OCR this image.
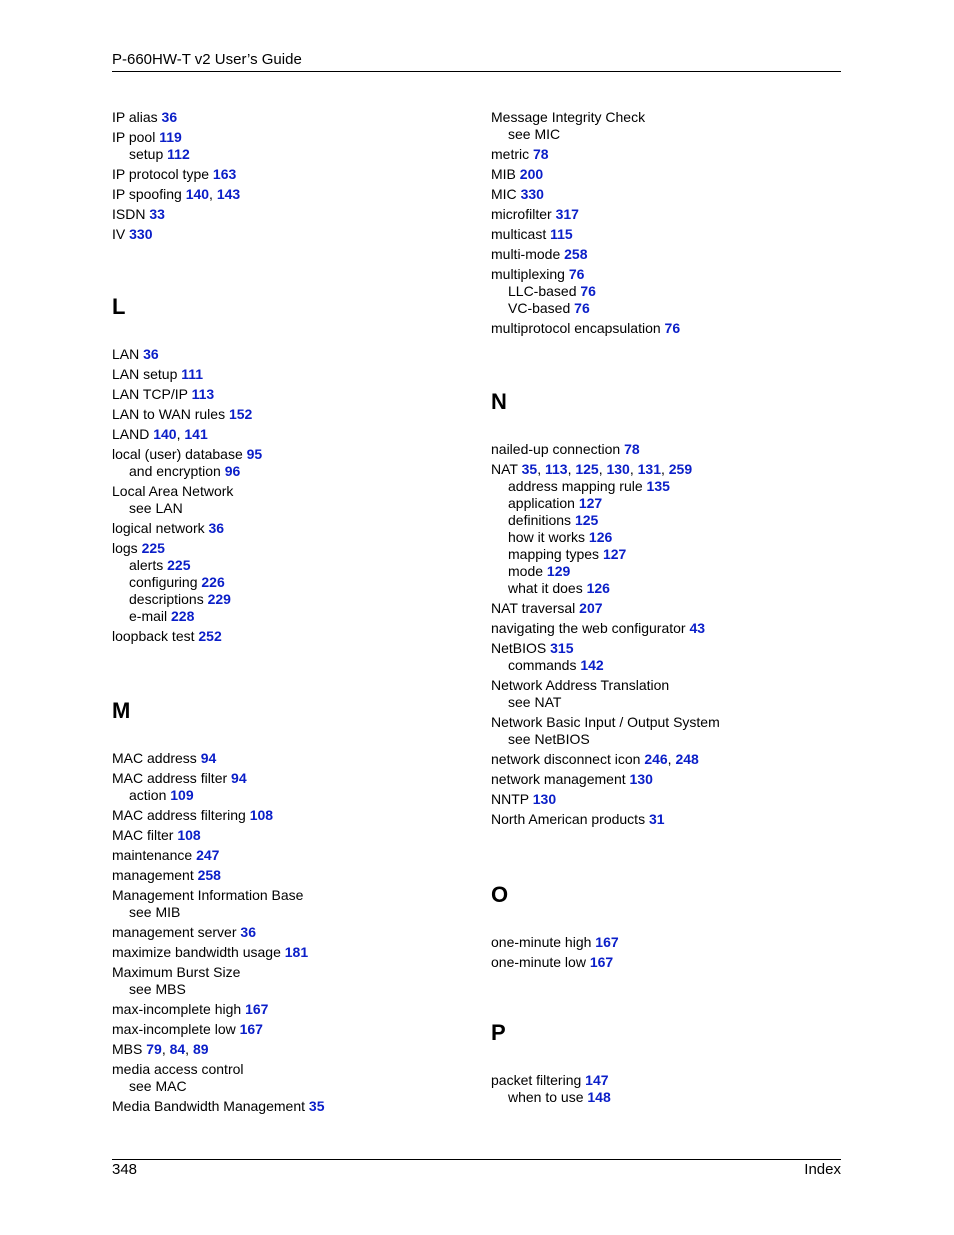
P-660HW-T v2 User’s Guide
IP alias 36
IP pool 119
setup 112
IP protocol type 163
IP spoofing 140, 143
ISDN 33
IV 330
L
LAN 36
LAN setup 111
LAN TCP/IP 113
LAN to WAN rules 152
LAND 140, 141
local (user) database 95
and encryption 96
Local Area Network
see LAN
logical network 36
logs 225
alerts 225
configuring 226
descriptions 229
e-mail 228
loopback test 252
M
MAC address 94
MAC address filter 94
action 109
MAC address filtering 108
MAC filter 108
maintenance 247
management 258
Management Information Base
see MIB
management server 36
maximize bandwidth usage 181
Maximum Burst Size
see MBS
max-incomplete high 167
max-incomplete low 167
MBS 79, 84, 89
media access control
see MAC
Media Bandwidth Management 35
Message Integrity Check
see MIC
metric 78
MIB 200
MIC 330
microfilter 317
multicast 115
multi-mode 258
multiplexing 76
LLC-based 76
VC-based 76
multiprotocol encapsulation 76
N
nailed-up connection 78
NAT 35, 113, 125, 130, 131, 259
address mapping rule 135
application 127
definitions 125
how it works 126
mapping types 127
mode 129
what it does 126
NAT traversal 207
navigating the web configurator 43
NetBIOS 315
commands 142
Network Address Translation
see NAT
Network Basic Input / Output System
see NetBIOS
network disconnect icon 246, 248
network management 130
NNTP 130
North American products 31
O
one-minute high 167
one-minute low 167
P
packet filtering 147
when to use 148
348	Index
